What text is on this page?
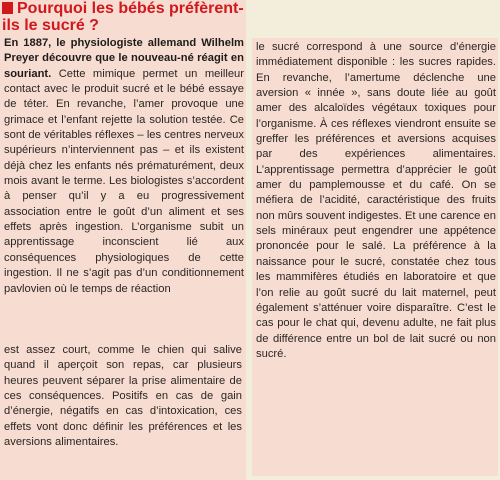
Pourquoi les bébés préfèrent-ils le sucré ?

En 1887, le physiologiste allemand Wilhelm Preyer découvre que le nouveau-né réagit en souriant. Cette mimique permet un meilleur contact avec le produit sucré et le bébé essaye de téter. En revanche, l’amer provoque une grimace et l’enfant rejette la solution testée. Ce sont de véritables réflexes – les centres nerveux supérieurs n’interviennent pas – et ils existent déjà chez les enfants nés prématurément, deux mois avant le terme. Les biologistes s’accordent à penser qu’il y a eu progressivement association entre le goût d’un aliment et ses effets après ingestion. L’organisme subit un apprentissage inconscient lié aux conséquences physiologiques de cette ingestion. Il ne s’agit pas d’un conditionnement pavlovien où le temps de réaction

est assez court, comme le chien qui salive quand il aperçoit son repas, car plusieurs heures peuvent séparer la prise alimentaire de ces conséquences. Positifs en cas de gain d’énergie, négatifs en cas d’intoxication, ces effets vont donc définir les préférences et les aversions alimentaires.

le sucré correspond à une source d’énergie immédiatement disponible : les sucres rapides. En revanche, l’amertume déclenche une aversion « innée », sans doute liée au goût amer des alcaloïdes végétaux toxiques pour l’organisme. À ces réflexes viendront ensuite se greffer les préférences et aversions acquises par des expériences alimentaires. L’apprentissage permettra d’apprécier le goût amer du pamplemousse et du café. On se méfiera de l’acidité, caractéristique des fruits non mûrs souvent indigestes. Et une carence en sels minéraux peut engendrer une appétence prononcée pour le salé. La préférence à la naissance pour le sucré, constatée chez tous les mammifères étudiés en laboratoire et que l’on relie au goût sucré du lait maternel, peut également s’atténuer voire disparaître. C’est le cas pour le chat qui, devenu adulte, ne fait plus de différence entre un bol de lait sucré ou non sucré.
